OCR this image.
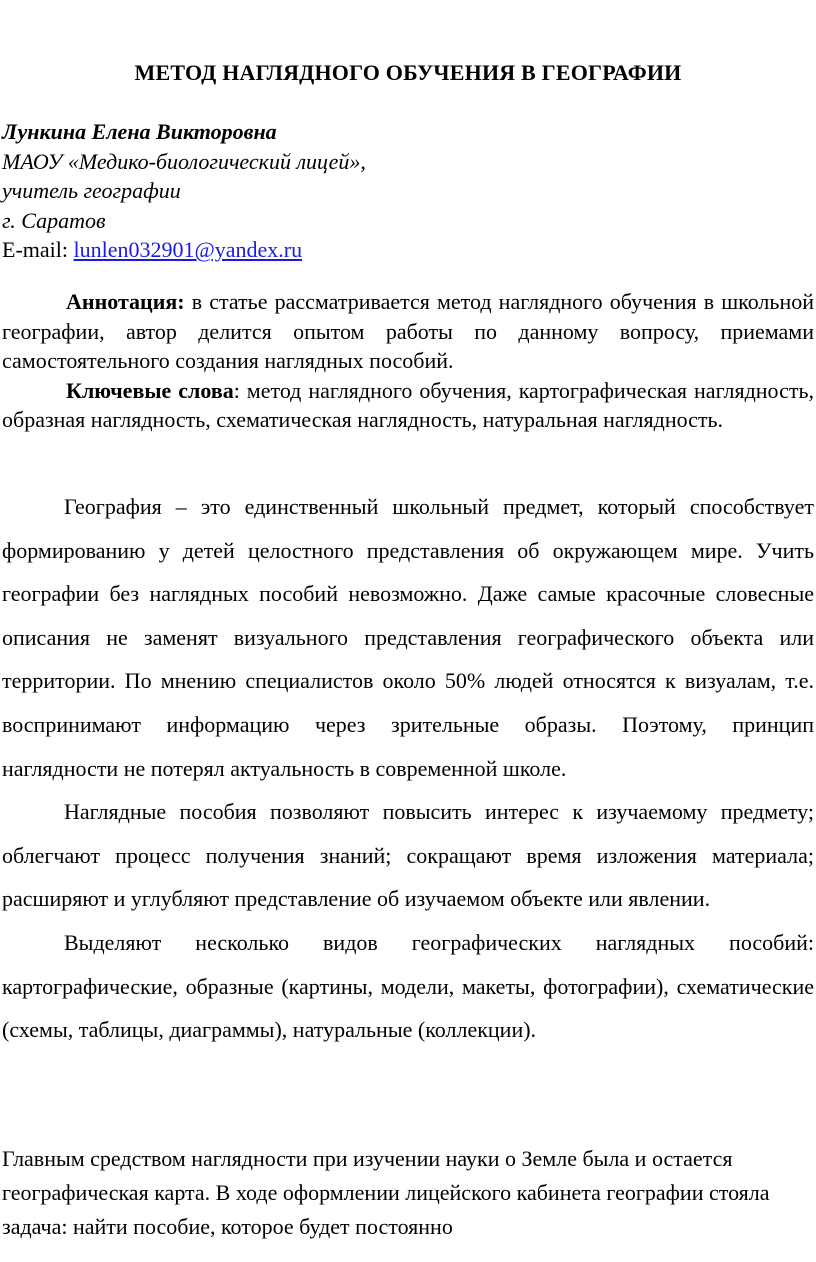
МЕТОД НАГЛЯДНОГО ОБУЧЕНИЯ В ГЕОГРАФИИ
Лункина Елена Викторовна
МАОУ «Медико-биологический лицей»,
учитель географии
г. Саратов
E-mail: lunlen032901@yandex.ru

Аннотация: в статье рассматривается метод наглядного обучения в школьной географии, автор делится опытом работы по данному вопросу, приемами самостоятельного создания наглядных пособий.

Ключевые слова: метод наглядного обучения, картографическая наглядность, образная наглядность, схематическая наглядность, натуральная наглядность.

География – это единственный школьный предмет, который способствует формированию у детей целостного представления об окружающем мире. Учить географии без наглядных пособий невозможно. Даже самые красочные словесные описания не заменят визуального представления географического объекта или территории. По мнению специалистов около 50% людей относятся к визуалам, т.е. воспринимают информацию через зрительные образы. Поэтому, принцип наглядности не потерял актуальность в современной школе.

Наглядные пособия позволяют повысить интерес к изучаемому предмету; облегчают процесс получения знаний; сокращают время изложения материала; расширяют и углубляют представление об изучаемом объекте или явлении.

Выделяют несколько видов географических наглядных пособий: картографические, образные (картины, модели, макеты, фотографии), схематические (схемы, таблицы, диаграммы), натуральные (коллекции).

Главным средством наглядности при изучении науки о Земле была и остается географическая карта. В ходе оформлении лицейского кабинета географии стояла задача: найти пособие, которое будет постоянно
